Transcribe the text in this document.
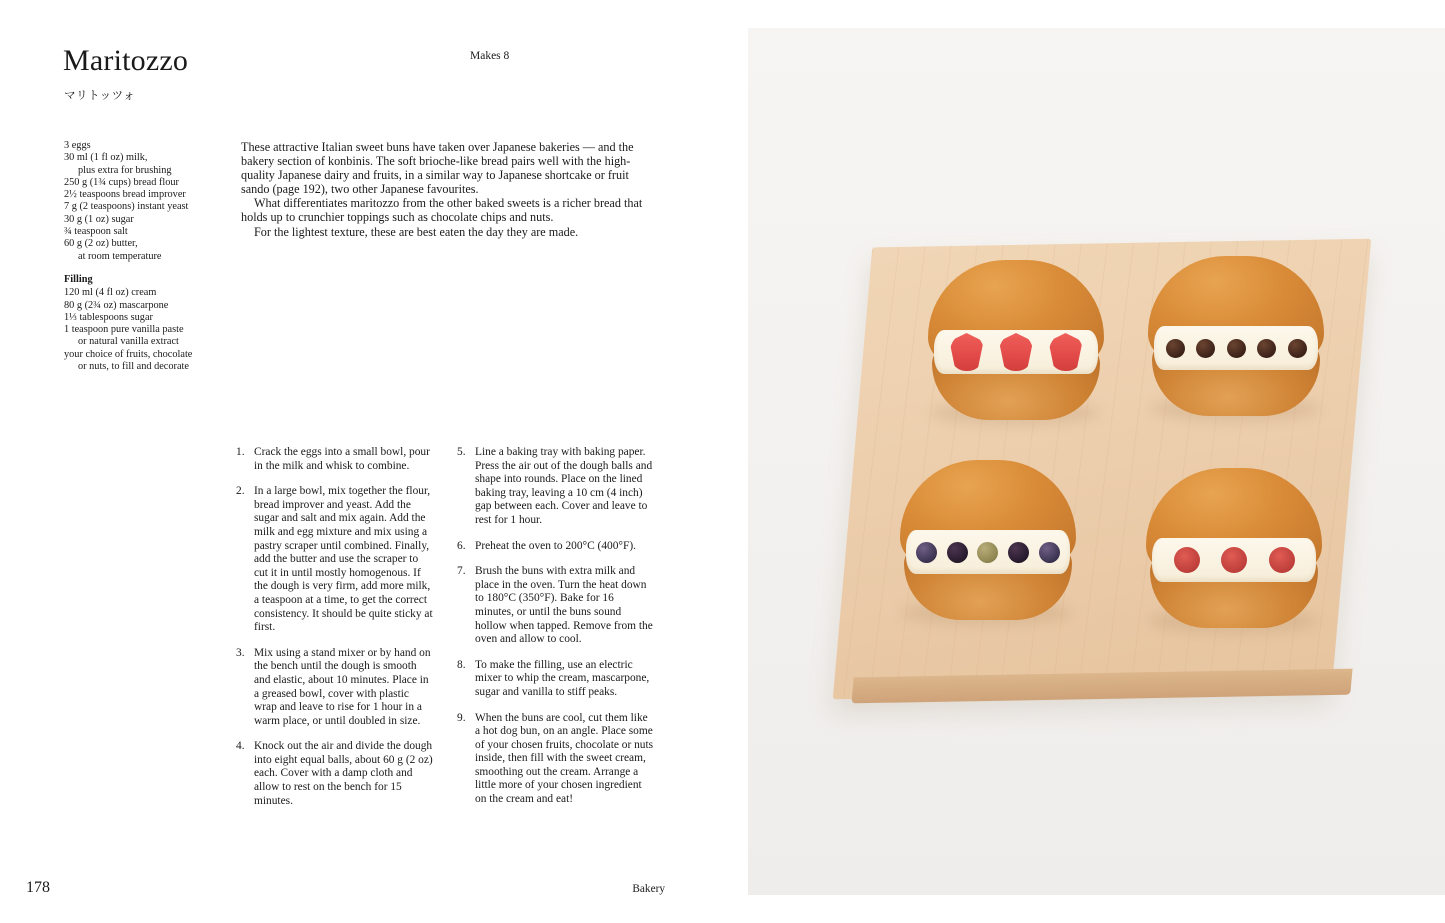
Maritozzo
マリトッツォ
Makes 8
3 eggs
30 ml (1 fl oz) milk,
plus extra for brushing
250 g (1¾ cups) bread flour
2½ teaspoons bread improver
7 g (2 teaspoons) instant yeast
30 g (1 oz) sugar
¾ teaspoon salt
60 g (2 oz) butter,
at room temperature
Filling
120 ml (4 fl oz) cream
80 g (2¾ oz) mascarpone
1⅓ tablespoons sugar
1 teaspoon pure vanilla paste
or natural vanilla extract
your choice of fruits, chocolate
or nuts, to fill and decorate

These attractive Italian sweet buns have taken over Japanese bakeries — and the bakery section of konbinis. The soft brioche-like bread pairs well with the high-quality Japanese dairy and fruits, in a similar way to Japanese shortcake or fruit sando (page 192), two other Japanese favourites.

What differentiates maritozzo from the other baked sweets is a richer bread that holds up to crunchier toppings such as chocolate chips and nuts.

For the lightest texture, these are best eaten the day they are made.

1. Crack the eggs into a small bowl, pour in the milk and whisk to combine.
2. In a large bowl, mix together the flour, bread improver and yeast. Add the sugar and salt and mix again. Add the milk and egg mixture and mix using a pastry scraper until combined. Finally, add the butter and use the scraper to cut it in until mostly homogenous. If the dough is very firm, add more milk, a teaspoon at a time, to get the correct consistency. It should be quite sticky at first.
3. Mix using a stand mixer or by hand on the bench until the dough is smooth and elastic, about 10 minutes. Place in a greased bowl, cover with plastic wrap and leave to rise for 1 hour in a warm place, or until doubled in size.
4. Knock out the air and divide the dough into eight equal balls, about 60 g (2 oz) each. Cover with a damp cloth and allow to rest on the bench for 15 minutes.
5. Line a baking tray with baking paper. Press the air out of the dough balls and shape into rounds. Place on the lined baking tray, leaving a 10 cm (4 inch) gap between each. Cover and leave to rest for 1 hour.
6. Preheat the oven to 200°C (400°F).
7. Brush the buns with extra milk and place in the oven. Turn the heat down to 180°C (350°F). Bake for 16 minutes, or until the buns sound hollow when tapped. Remove from the oven and allow to cool.
8. To make the filling, use an electric mixer to whip the cream, mascarpone, sugar and vanilla to stiff peaks.
9. When the buns are cool, cut them like a hot dog bun, on an angle. Place some of your chosen fruits, chocolate or nuts inside, then fill with the sweet cream, smoothing out the cream. Arrange a little more of your chosen ingredient on the cream and eat!
178	Bakery
